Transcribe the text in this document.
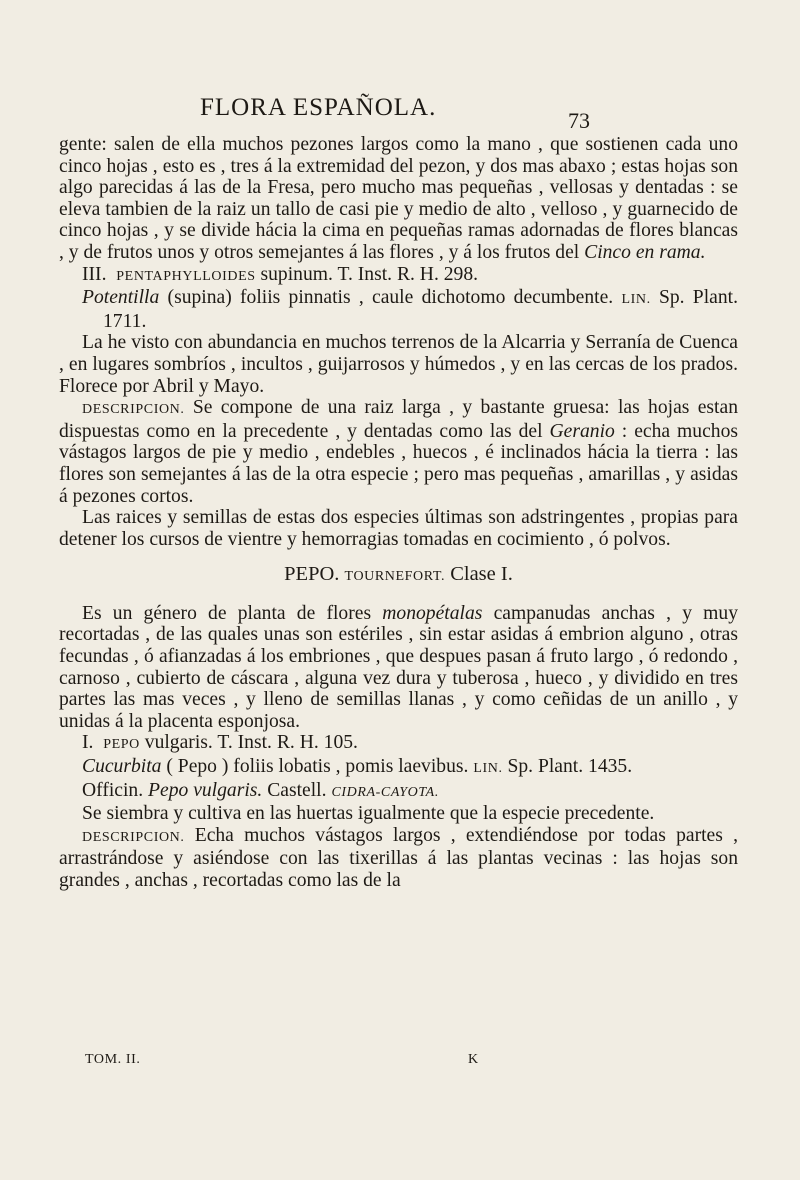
FLORA ESPAÑOLA.	73

gente: salen de ella muchos pezones largos como la mano , que sostienen cada uno cinco hojas , esto es , tres á la extremidad del pezon, y dos mas abaxo ; estas hojas son algo parecidas á las de la Fresa, pero mucho mas pequeñas , vellosas y dentadas : se eleva tambien de la raiz un tallo de casi pie y medio de alto , velloso , y guarnecido de cinco hojas , y se divide hácia la cima en pequeñas ramas adornadas de flores blancas , y de frutos unos y otros semejantes á las flores , y á los frutos del Cinco en rama.

III. PENTAPHYLLOIDES supinum. T. Inst. R. H. 298.

Potentilla (supina) foliis pinnatis , caule dichotomo decumbente. LIN. Sp. Plant. 1711.

La he visto con abundancia en muchos terrenos de la Alcarria y Serranía de Cuenca , en lugares sombríos , incultos , guijarrosos y húmedos , y en las cercas de los prados. Florece por Abril y Mayo.

DESCRIPCION. Se compone de una raiz larga , y bastante gruesa: las hojas estan dispuestas como en la precedente , y dentadas como las del Geranio : echa muchos vástagos largos de pie y medio , endebles , huecos , é inclinados hácia la tierra : las flores son semejantes á las de la otra especie ; pero mas pequeñas , amarillas , y asidas á pezones cortos.

Las raices y semillas de estas dos especies últimas son adstringentes , propias para detener los cursos de vientre y hemorragias tomadas en cocimiento , ó polvos.

PEPO. TOURNEFORT. Clase I.

Es un género de planta de flores monopétalas campanudas anchas , y muy recortadas , de las quales unas son estériles , sin estar asidas á embrion alguno , otras fecundas , ó afianzadas á los embriones , que despues pasan á fruto largo , ó redondo , carnoso , cubierto de cáscara , alguna vez dura y tuberosa , hueco , y dividido en tres partes las mas veces , y lleno de semillas llanas , y como ceñidas de un anillo , y unidas á la placenta esponjosa.

I. PEPO vulgaris. T. Inst. R. H. 105.

Cucurbita ( Pepo ) foliis lobatis , pomis laevibus. LIN. Sp. Plant. 1435.

Officin. Pepo vulgaris. Castell. CIDRA-CAYOTA.

Se siembra y cultiva en las huertas igualmente que la especie precedente.

DESCRIPCION. Echa muchos vástagos largos , extendiéndose por todas partes , arrastrándose y asiéndose con las tixerillas á las plantas vecinas : las hojas son grandes , anchas , recortadas como las de la

TOM. II.	K
